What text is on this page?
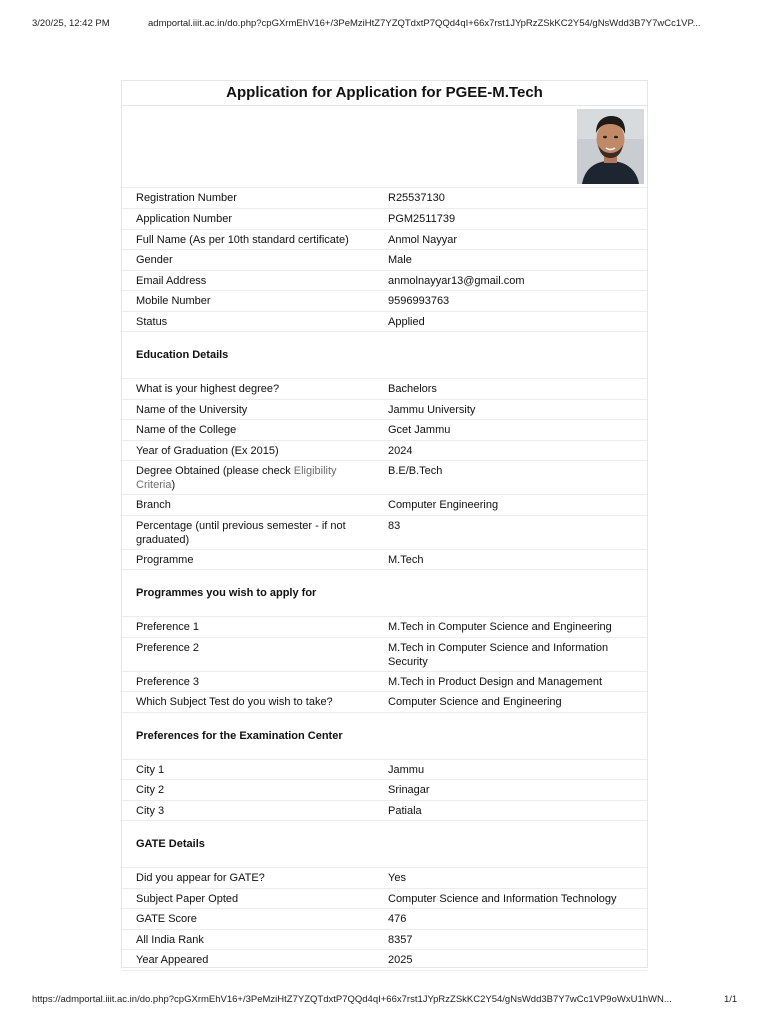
3/20/25, 12:42 PM	admportal.iiit.ac.in/do.php?cpGXrmEhV16+/3PeMziHtZ7YZQTdxtP7QQd4qI+66x7rst1JYpRzZSkKC2Y54/gNsWdd3B7Y7wCc1VP...
Application for Application for PGEE-M.Tech
Registration Number	R25537130
Application Number	PGM2511739
Full Name (As per 10th standard certificate)	Anmol Nayyar
Gender	Male
Email Address	anmolnayyar13@gmail.com
Mobile Number	9596993763
Status	Applied
Education Details	
What is your highest degree?	Bachelors
Name of the University	Jammu University
Name of the College	Gcet Jammu
Year of Graduation (Ex 2015)	2024
Degree Obtained (please check Eligibility Criteria)	B.E/B.Tech
Branch	Computer Engineering
Percentage (until previous semester - if not graduated)	83
Programme	M.Tech
Programmes you wish to apply for	
Preference 1	M.Tech in Computer Science and Engineering
Preference 2	M.Tech in Computer Science and Information Security
Preference 3	M.Tech in Product Design and Management
Which Subject Test do you wish to take?	Computer Science and Engineering
Preferences for the Examination Center	
City 1	Jammu
City 2	Srinagar
City 3	Patiala
GATE Details	
Did you appear for GATE?	Yes
Subject Paper Opted	Computer Science and Information Technology
GATE Score	476
All India Rank	8357
Year Appeared	2025
https://admportal.iiit.ac.in/do.php?cpGXrmEhV16+/3PeMziHtZ7YZQTdxtP7QQd4qI+66x7rst1JYpRzZSkKC2Y54/gNsWdd3B7Y7wCc1VP9oWxU1hWN...	1/1
